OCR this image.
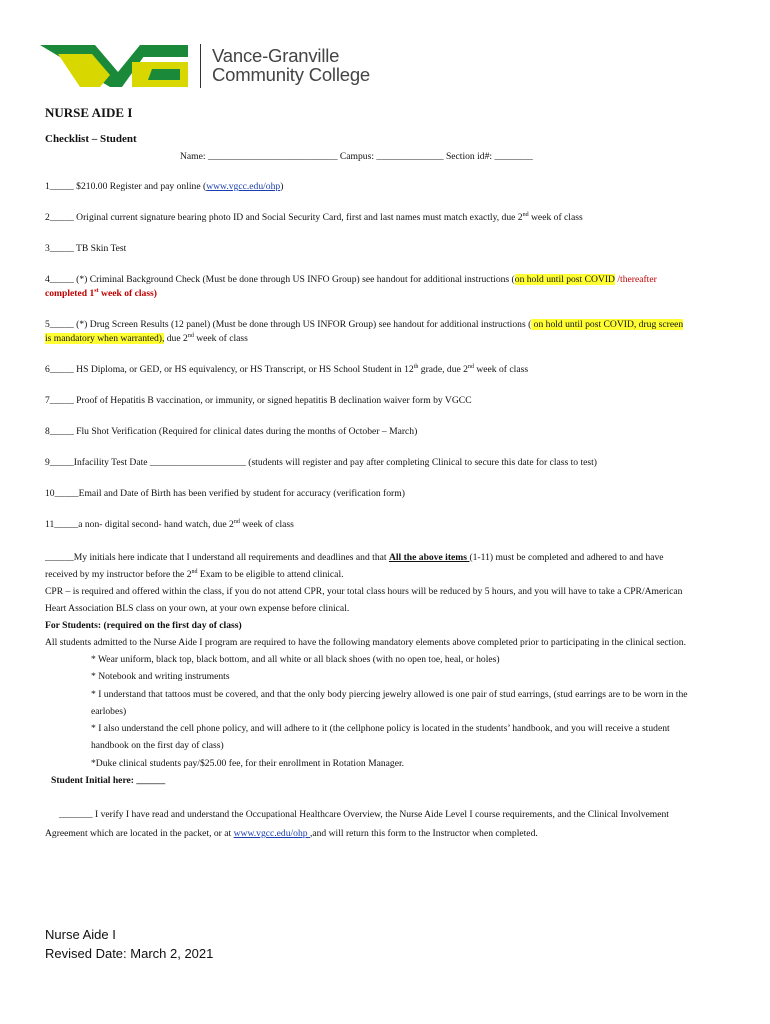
Vance-Granville
Community College
NURSE AIDE I
Checklist – Student
Name: ___________________________ Campus: ______________ Section id#: ________

1_____ $210.00 Register and pay online (www.vgcc.edu/ohp)

2_____ Original current signature bearing photo ID and Social Security Card, first and last names must match exactly, due 2nd week of class

3_____ TB Skin Test

4_____ (*) Criminal Background Check (Must be done through US INFO Group) see handout for additional instructions (on hold until post COVID /thereafter

completed 1st week of class)

5_____ (*) Drug Screen Results (12 panel) (Must be done through US INFOR Group) see handout for additional instructions ( on hold until post COVID, drug screen

is mandatory when warranted), due 2nd week of class

6_____ HS Diploma, or GED, or HS equivalency, or HS Transcript, or HS School Student in 12th grade, due 2nd week of class

7_____ Proof of Hepatitis B vaccination, or immunity, or signed hepatitis B declination waiver form by VGCC

8_____ Flu Shot Verification (Required for clinical dates during the months of October – March)

9_____Infacility Test Date ____________________ (students will register and pay after completing Clinical to secure this date for class to test)

10_____Email and Date of Birth has been verified by student for accuracy (verification form)

11_____a non- digital second- hand watch, due 2nd week of class

______My initials here indicate that I understand all requirements and deadlines and that All the above items (1-11) must be completed and adhered to and have

received by my instructor before the 2nd Exam to be eligible to attend clinical.

CPR – is required and offered within the class, if you do not attend CPR, your total class hours will be reduced by 5 hours, and you will have to take a CPR/American

Heart Association BLS class on your own, at your own expense before clinical.

For Students: (required on the first day of class)

All students admitted to the Nurse Aide I program are required to have the following mandatory elements above completed prior to participating in the clinical section.

* Wear uniform, black top, black bottom, and all white or all black shoes (with no open toe, heal, or holes)

* Notebook and writing instruments

* I understand that tattoos must be covered, and that the only body piercing jewelry allowed is one pair of stud earrings, (stud earrings are to be worn in the

earlobes)

* I also understand the cell phone policy, and will adhere to it (the cellphone policy is located in the students’ handbook, and you will receive a student

handbook on the first day of class)

*Duke clinical students pay/$25.00 fee, for their enrollment in Rotation Manager.

Student Initial here: ______

_______ I verify I have read and understand the Occupational Healthcare Overview, the Nurse Aide Level I course requirements, and the Clinical Involvement

Agreement which are located in the packet, or at www.vgcc.edu/ohp ,and will return this form to the Instructor when completed.

Nurse Aide I
Revised Date: March 2, 2021
